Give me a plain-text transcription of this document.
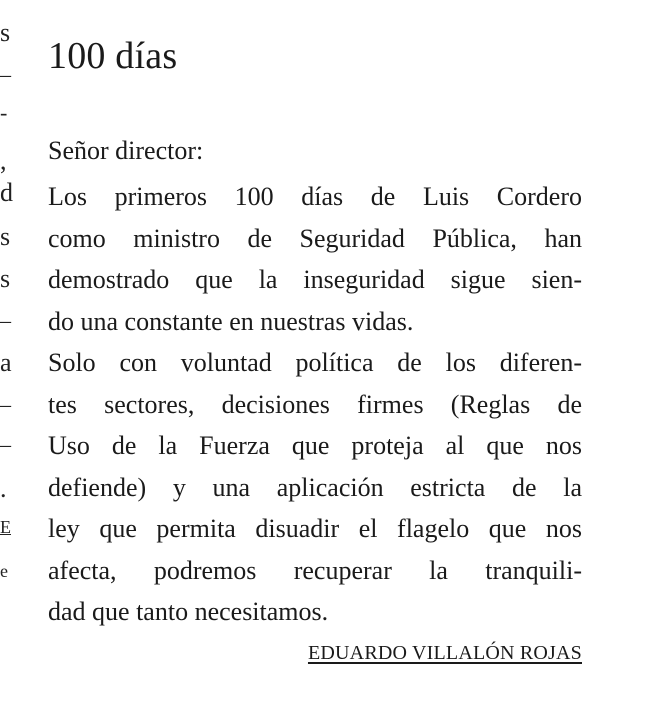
s
_
-
,
d
s
s
_
a
_
_
.
E
e
100 días

Señor director:

Los primeros 100 días de Luis Cordero
como ministro de Seguridad Pública, han
demostrado que la inseguridad sigue sien-
do una constante en nuestras vidas.
Solo con voluntad política de los diferen-
tes sectores, decisiones firmes (Reglas de
Uso de la Fuerza que proteja al que nos
defiende) y una aplicación estricta de la
ley que permita disuadir el flagelo que nos
afecta, podremos recuperar la tranquili-
dad que tanto necesitamos.
EDUARDO VILLALÓN ROJAS
